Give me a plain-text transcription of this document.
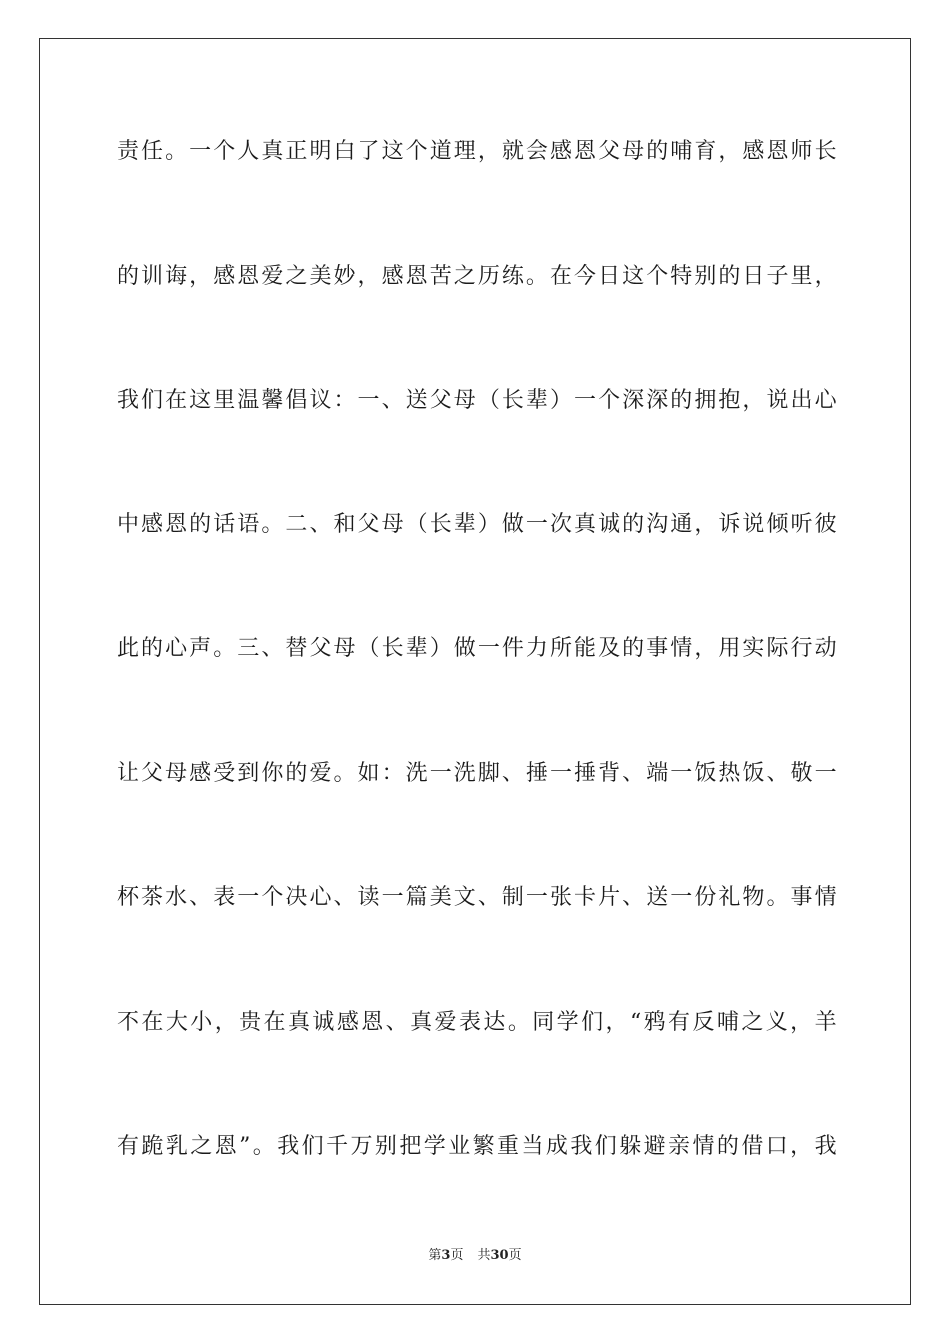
责任。一个人真正明白了这个道理，就会感恩父母的哺育，感恩师长
的训诲，感恩爱之美妙，感恩苦之历练。在今日这个特别的日子里，
我们在这里温馨倡议：一、送父母（长辈）一个深深的拥抱，说出心
中感恩的话语。二、和父母（长辈）做一次真诚的沟通，诉说倾听彼
此的心声。三、替父母（长辈）做一件力所能及的事情，用实际行动
让父母感受到你的爱。如：洗一洗脚、捶一捶背、端一饭热饭、敬一
杯茶水、表一个决心、读一篇美文、制一张卡片、送一份礼物。事情
不在大小，贵在真诚感恩、真爱表达。同学们，“鸦有反哺之义，羊
有跪乳之恩”。我们千万别把学业繁重当成我们躲避亲情的借口，我
第3页 共30页
